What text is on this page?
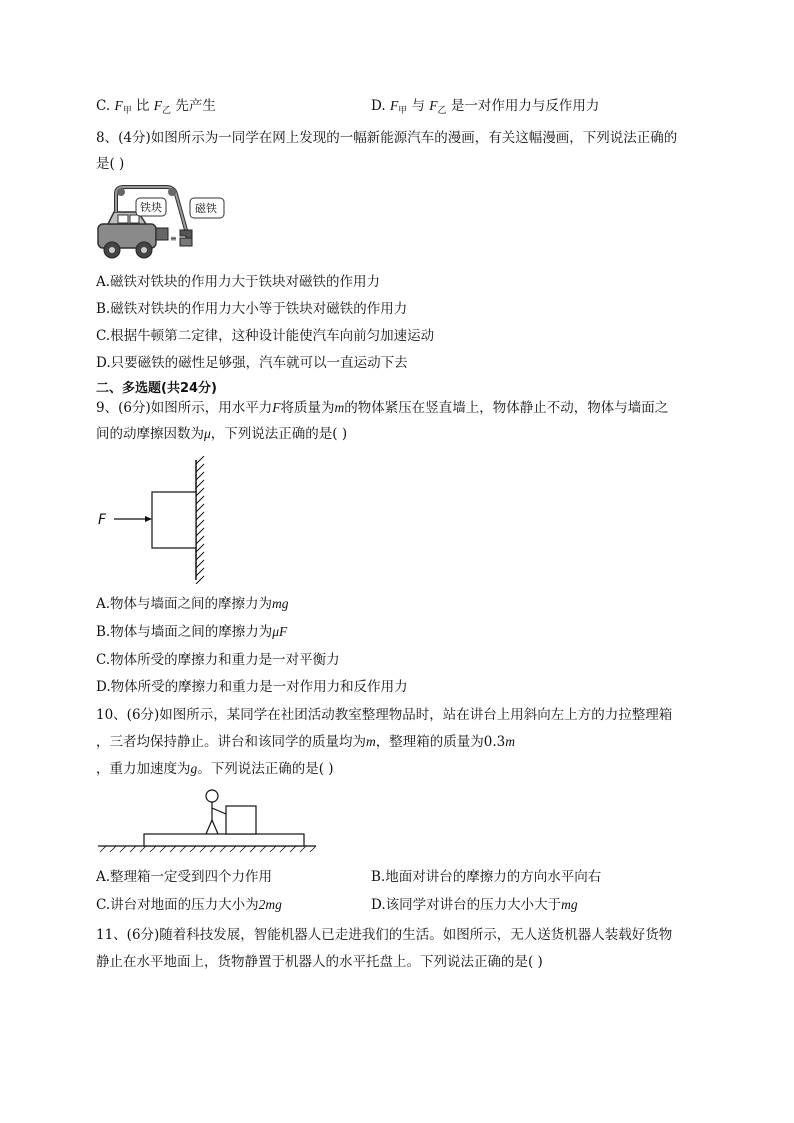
C. $F_甲$ 比 $F_乙$ 先产生	D. $F_甲$ 与 $F_乙$ 是一对作用力与反作用力
8、(4分)如图所示为一同学在网上发现的一幅新能源汽车的漫画，有关这幅漫画，下列说法正确的
是( )
≡
铁块	磁铁
A.磁铁对铁块的作用力大于铁块对磁铁的作用力
B.磁铁对铁块的作用力大小等于铁块对磁铁的作用力
C.根据牛顿第二定律，这种设计能使汽车向前匀加速运动
D.只要磁铁的磁性足够强，汽车就可以一直运动下去
二、多选题(共24分)
9、(6分)如图所示，用水平力F将质量为m的物体紧压在竖直墙上，物体静止不动，物体与墙面之
间的动摩擦因数为μ，下列说法正确的是( )
F
A.物体与墙面之间的摩擦力为mg
B.物体与墙面之间的摩擦力为μF
C.物体所受的摩擦力和重力是一对平衡力
D.物体所受的摩擦力和重力是一对作用力和反作用力
10、(6分)如图所示，某同学在社团活动教室整理物品时，站在讲台上用斜向左上方的力拉整理箱
，三者均保持静止。讲台和该同学的质量均为m，整理箱的质量为0.3m
，重力加速度为g。下列说法正确的是( )
A.整理箱一定受到四个力作用	B.地面对讲台的摩擦力的方向水平向右
C.讲台对地面的压力大小为2mg	D.该同学对讲台的压力大小大于mg
11、(6分)随着科技发展，智能机器人已走进我们的生活。如图所示，无人送货机器人装载好货物
静止在水平地面上，货物静置于机器人的水平托盘上。下列说法正确的是( )
